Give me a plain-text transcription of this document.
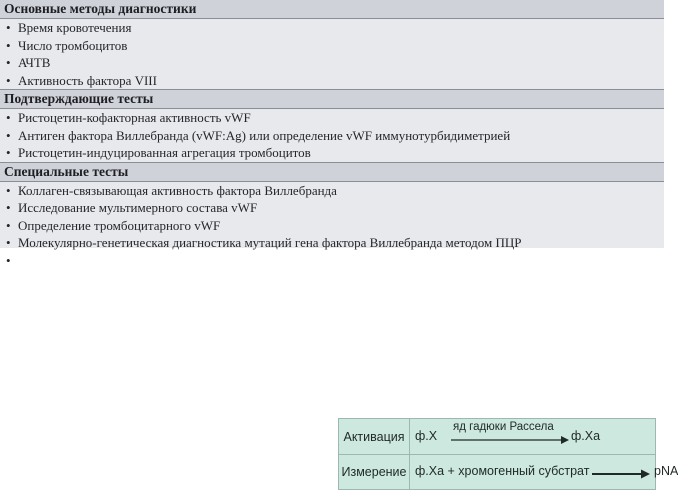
Основные методы диагностики
• Время кровотечения
• Число тромбоцитов
• АЧТВ
• Активность фактора VIII
Подтверждающие тесты
• Ристоцетин-кофакторная активность vWF
• Антиген фактора Виллебранда (vWF:Ag) или определение vWF иммунотурбидиметрией
• Ристоцетин-индуцированная агрегация тромбоцитов
Специальные тесты
• Коллаген-связывающая активность фактора Виллебранда
• Исследование мультимерного состава vWF
• Определение тромбоцитарного vWF
• Молекулярно-генетическая диагностика мутаций гена фактора Виллебранда методом ПЦР
•
Активация ф.X
яд гадюки Рассела
ф.Xa
Измерение ф.Xa + хромогенный субстрат	pNA
